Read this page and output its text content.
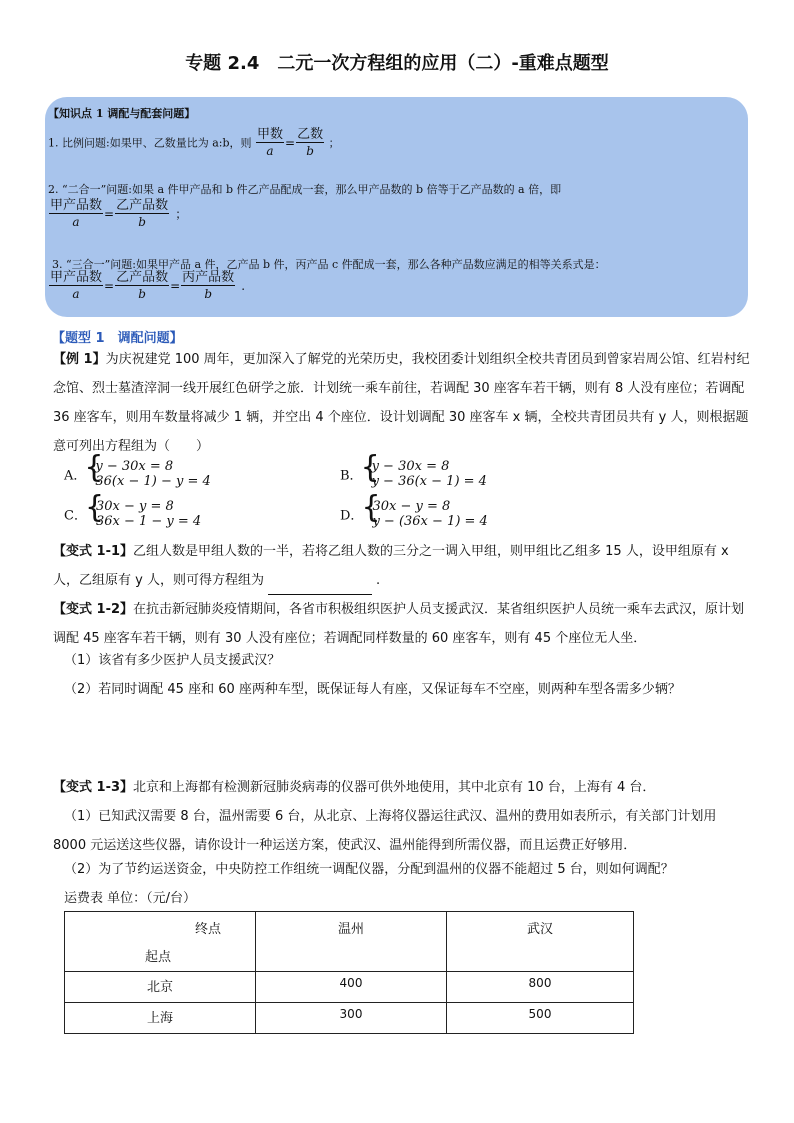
专题 2.4　二元一次方程组的应用（二）-重难点题型
【知识点 1 调配与配套问题】
1. 比例问题:如果甲、乙数量比为 a:b，则 $\frac{\text{甲数}}{a} = \frac{\text{乙数}}{b}$ ；
2. “二合一”问题:如果 a 件甲产品和 b 件乙产品配成一套，那么甲产品数的 b 倍等于乙产品数的 a 倍，即
$\frac{\text{甲产品数}}{a} = \frac{\text{乙产品数}}{b}$ ；
3. “三合一”问题:如果甲产品 a 件，乙产品 b 件，丙产品 c 件配成一套，那么各种产品数应满足的相等关系式是：
$\frac{\text{甲产品数}}{a} = \frac{\text{乙产品数}}{b} = \frac{\text{丙产品数}}{b}$ .
【题型 1　调配问题】
【例 1】为庆祝建党 100 周年，更加深入了解党的光荣历史，我校团委计划组织全校共青团员到曾家岩周公馆、红岩村纪念馆、烈士墓渣滓洞一线开展红色研学之旅．计划统一乘车前往，若调配 30 座客车若干辆，则有 8 人没有座位；若调配 36 座客车，则用车数量将减少 1 辆，并空出 4 个座位．设计划调配 30 座客车 x 辆，全校共青团员共有 y 人，则根据题意可列出方程组为（　　）
A．
{ y − 30x = 8
36(x − 1) − y = 4	B．
{ y − 30x = 8
y − 36(x − 1) = 4
C．
{ 30x − y = 8
36x − 1 − y = 4	D．
{ 30x − y = 8
y − (36x − 1) = 4
【变式 1-1】乙组人数是甲组人数的一半，若将乙组人数的三分之一调入甲组，则甲组比乙组多 15 人，设甲组原有 x 人，乙组原有 y 人，则可得方程组为	.
【变式 1-2】在抗击新冠肺炎疫情期间，各省市积极组织医护人员支援武汉．某省组织医护人员统一乘车去武汉，原计划调配 45 座客车若干辆，则有 30 人没有座位；若调配同样数量的 60 座客车，则有 45 个座位无人坐．
（1）该省有多少医护人员支援武汉？
（2）若同时调配 45 座和 60 座两种车型，既保证每人有座，又保证每车不空座，则两种车型各需多少辆？
【变式 1-3】北京和上海都有检测新冠肺炎病毒的仪器可供外地使用，其中北京有 10 台，上海有 4 台．
（1）已知武汉需要 8 台，温州需要 6 台，从北京、上海将仪器运往武汉、温州的费用如表所示，有关部门计划用 8000 元运送这些仪器，请你设计一种运送方案，使武汉、温州能得到所需仪器，而且运费正好够用．
（2）为了节约运送资金，中央防控工作组统一调配仪器，分配到温州的仪器不能超过 5 台，则如何调配？
运费表 单位：（元/台）
终点
起点	温州	武汉
北京	400	800
上海	300	500
